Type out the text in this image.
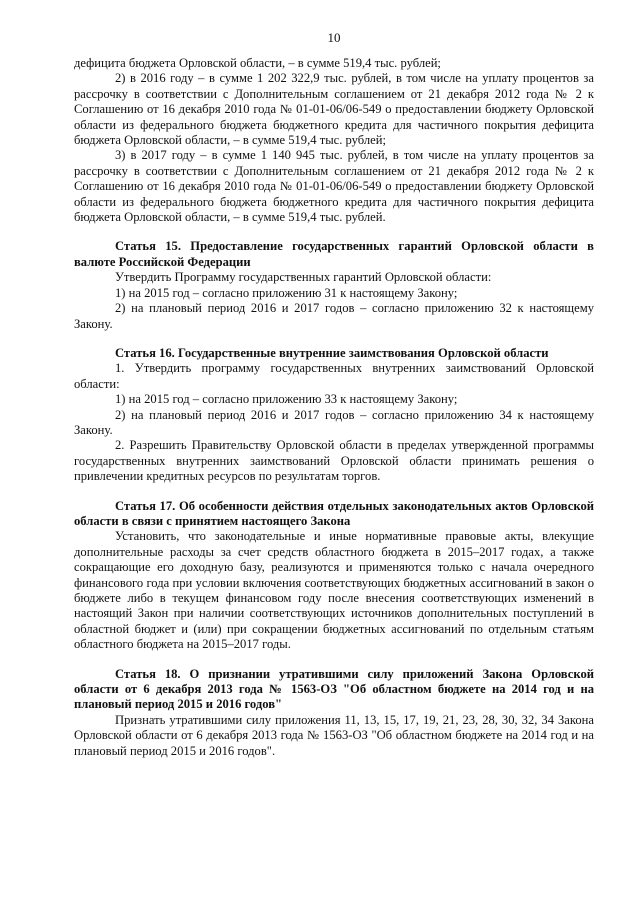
10

дефицита бюджета Орловской области, – в сумме 519,4 тыс. рублей;

2) в 2016 году – в сумме 1 202 322,9 тыс. рублей, в том числе на уплату процентов за рассрочку в соответствии с Дополнительным соглашением от 21 декабря 2012 года № 2 к Соглашению от 16 декабря 2010 года № 01-01-06/06-549 о предоставлении бюджету Орловской области из федерального бюджета бюджетного кредита для частичного покрытия дефицита бюджета Орловской области, – в сумме 519,4 тыс. рублей;

3) в 2017 году – в сумме 1 140 945 тыс. рублей, в том числе на уплату процентов за рассрочку в соответствии с Дополнительным соглашением от 21 декабря 2012 года № 2 к Соглашению от 16 декабря 2010 года № 01-01-06/06-549 о предоставлении бюджету Орловской области из федерального бюджета бюджетного кредита для частичного покрытия дефицита бюджета Орловской области, – в сумме 519,4 тыс. рублей.

Статья 15. Предоставление государственных гарантий Орловской области в валюте Российской Федерации

Утвердить Программу государственных гарантий Орловской области:

1) на 2015 год – согласно приложению 31 к настоящему Закону;

2) на плановый период 2016 и 2017 годов – согласно приложению 32 к настоящему Закону.

Статья 16. Государственные внутренние заимствования Орловской области

1. Утвердить программу государственных внутренних заимствований Орловской области:

1) на 2015 год – согласно приложению 33 к настоящему Закону;

2) на плановый период 2016 и 2017 годов – согласно приложению 34 к настоящему Закону.

2. Разрешить Правительству Орловской области в пределах утвержденной программы государственных внутренних заимствований Орловской области принимать решения о привлечении кредитных ресурсов по результатам торгов.

Статья 17. Об особенности действия отдельных законодательных актов Орловской области в связи с принятием настоящего Закона

Установить, что законодательные и иные нормативные правовые акты, влекущие дополнительные расходы за счет средств областного бюджета в 2015–2017 годах, а также сокращающие его доходную базу, реализуются и применяются только с начала очередного финансового года при условии включения соответствующих бюджетных ассигнований в закон о бюджете либо в текущем финансовом году после внесения соответствующих изменений в настоящий Закон при наличии соответствующих источников дополнительных поступлений в областной бюджет и (или) при сокращении бюджетных ассигнований по отдельным статьям областного бюджета на 2015–2017 годы.

Статья 18. О признании утратившими силу приложений Закона Орловской области от 6 декабря 2013 года № 1563-ОЗ "Об областном бюджете на 2014 год и на плановый период 2015 и 2016 годов"

Признать утратившими силу приложения 11, 13, 15, 17, 19, 21, 23, 28, 30, 32, 34 Закона Орловской области от 6 декабря 2013 года № 1563-ОЗ "Об областном бюджете на 2014 год и на плановый период 2015 и 2016 годов".
